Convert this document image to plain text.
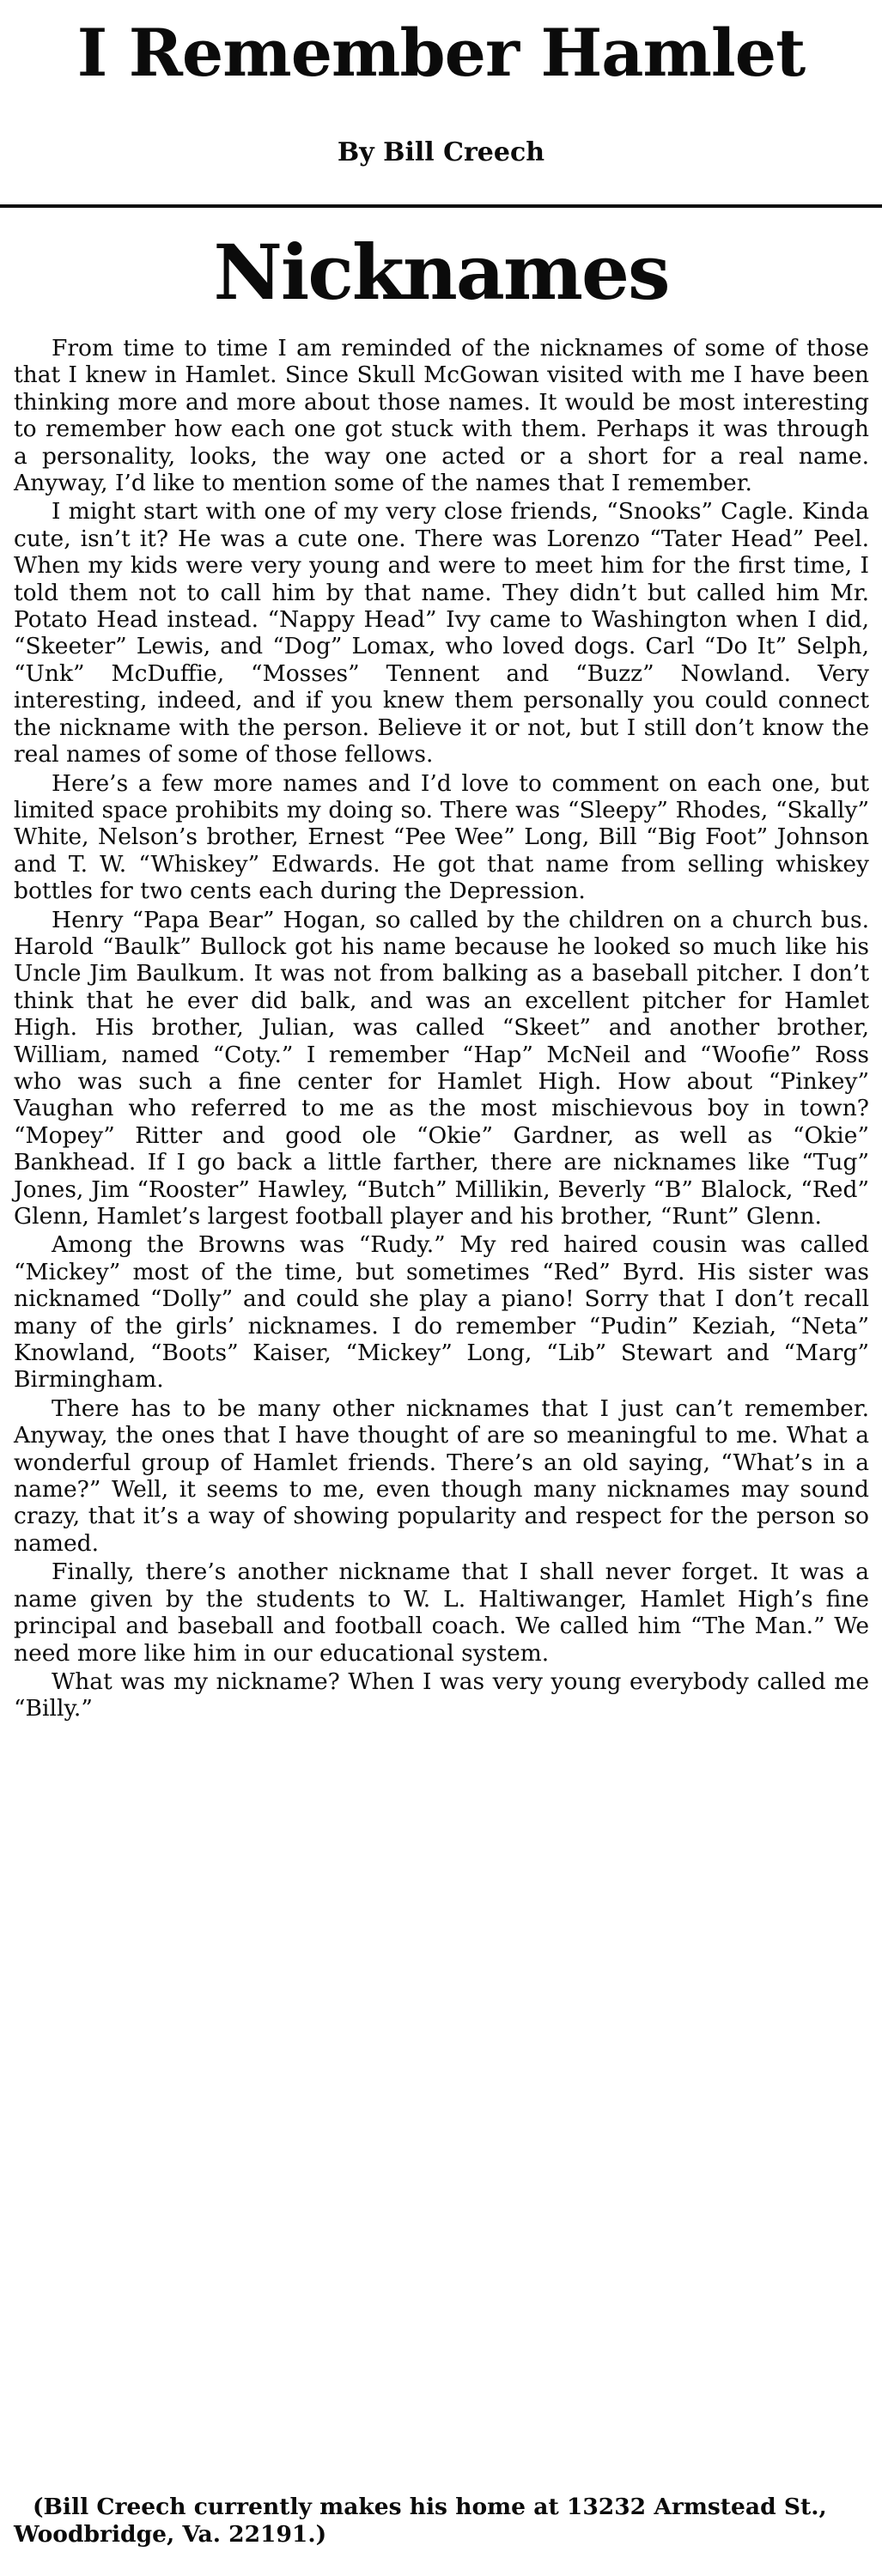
I Remember Hamlet
By Bill Creech
Nicknames

From time to time I am reminded of the nicknames of some of those that I knew in Hamlet. Since Skull McGowan visited with me I have been thinking more and more about those names. It would be most interesting to remember how each one got stuck with them. Perhaps it was through a personality, looks, the way one acted or a short for a real name. Anyway, I’d like to mention some of the names that I remember.

I might start with one of my very close friends, “Snooks” Cagle. Kinda cute, isn’t it? He was a cute one. There was Lorenzo “Tater Head” Peel. When my kids were very young and were to meet him for the first time, I told them not to call him by that name. They didn’t but called him Mr. Potato Head instead. “Nappy Head” Ivy came to Washington when I did, “Skeeter” Lewis, and “Dog” Lomax, who loved dogs. Carl “Do It” Selph, “Unk” McDuffie, “Mosses” Tennent and “Buzz” Nowland. Very interesting, indeed, and if you knew them personally you could connect the nickname with the person. Believe it or not, but I still don’t know the real names of some of those fellows.

Here’s a few more names and I’d love to comment on each one, but limited space prohibits my doing so. There was “Sleepy” Rhodes, “Skally” White, Nelson’s brother, Ernest “Pee Wee” Long, Bill “Big Foot” Johnson and T. W. “Whiskey” Edwards. He got that name from selling whiskey bottles for two cents each during the Depression.

Henry “Papa Bear” Hogan, so called by the children on a church bus. Harold “Baulk” Bullock got his name because he looked so much like his Uncle Jim Baulkum. It was not from balking as a baseball pitcher. I don’t think that he ever did balk, and was an excellent pitcher for Hamlet High. His brother, Julian, was called “Skeet” and another brother, William, named “Coty.” I remember “Hap” McNeil and “Woofie” Ross who was such a fine center for Hamlet High. How about “Pinkey” Vaughan who referred to me as the most mischievous boy in town? “Mopey” Ritter and good ole “Okie” Gardner, as well as “Okie” Bankhead. If I go back a little farther, there are nicknames like “Tug” Jones, Jim “Rooster” Hawley, “Butch” Millikin, Beverly “B” Blalock, “Red” Glenn, Hamlet’s largest football player and his brother, “Runt” Glenn.

Among the Browns was “Rudy.” My red haired cousin was called “Mickey” most of the time, but sometimes “Red” Byrd. His sister was nicknamed “Dolly” and could she play a piano! Sorry that I don’t recall many of the girls’ nicknames. I do remember “Pudin” Keziah, “Neta” Knowland, “Boots” Kaiser, “Mickey” Long, “Lib” Stewart and “Marg” Birmingham.

There has to be many other nicknames that I just can’t remember. Anyway, the ones that I have thought of are so meaningful to me. What a wonderful group of Hamlet friends. There’s an old saying, “What’s in a name?” Well, it seems to me, even though many nicknames may sound crazy, that it’s a way of showing popularity and respect for the person so named.

Finally, there’s another nickname that I shall never forget. It was a name given by the students to W. L. Haltiwanger, Hamlet High’s fine principal and baseball and football coach. We called him “The Man.” We need more like him in our educational system.

What was my nickname? When I was very young everybody called me “Billy.”

(Bill Creech currently makes his home at 13232 Armstead St., Woodbridge, Va. 22191.)
